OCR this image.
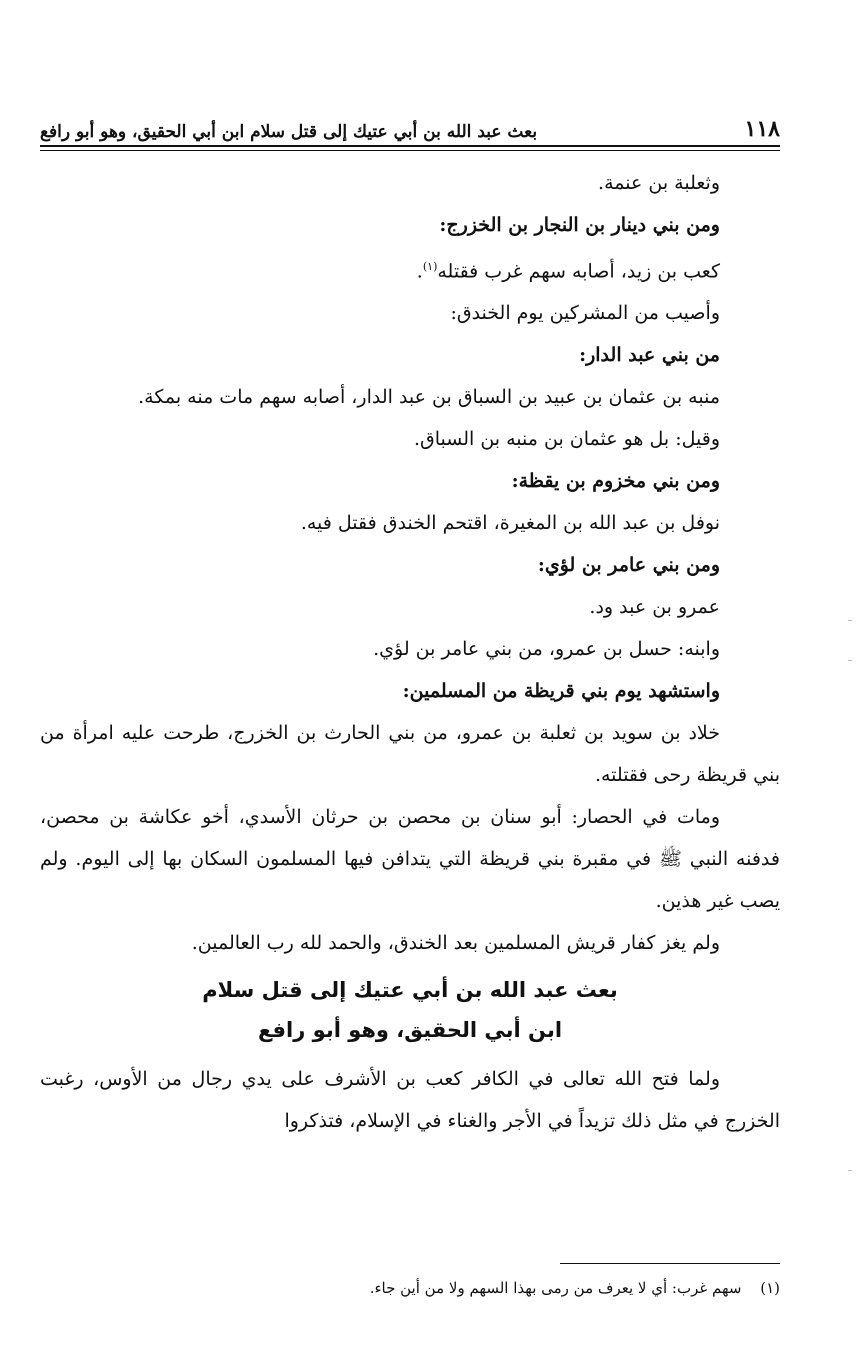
١١٨
بعث عبد الله بن أبي عتيك إلى قتل سلام ابن أبي الحقيق، وهو أبو رافع

وثعلبة بن عنمة.

ومن بني دينار بن النجار بن الخزرج:

كعب بن زيد، أصابه سهم غرب فقتله$^{(١)}$.

وأصيب من المشركين يوم الخندق:

من بني عبد الدار:

منبه بن عثمان بن عبيد بن السباق بن عبد الدار، أصابه سهم مات منه بمكة.

وقيل: بل هو عثمان بن منبه بن السباق.

ومن بني مخزوم بن يقظة:

نوفل بن عبد الله بن المغيرة، اقتحم الخندق فقتل فيه.

ومن بني عامر بن لؤي:

عمرو بن عبد ود.

وابنه: حسل بن عمرو، من بني عامر بن لؤي.

واستشهد يوم بني قريظة من المسلمين:

خلاد بن سويد بن ثعلبة بن عمرو، من بني الحارث بن الخزرج، طرحت عليه امرأة من بني قريظة رحى فقتلته.

ومات في الحصار: أبو سنان بن محصن بن حرثان الأسدي، أخو عكاشة بن محصن، فدفنه النبي ﷺ في مقبرة بني قريظة التي يتدافن فيها المسلمون السكان بها إلى اليوم. ولم يصب غير هذين.

ولم يغز كفار قريش المسلمين بعد الخندق، والحمد لله رب العالمين.

بعث عبد الله بن أبي عتيك إلى قتل سلام
ابن أبي الحقيق، وهو أبو رافع

ولما فتح الله تعالى في الكافر كعب بن الأشرف على يدي رجال من الأوس، رغبت الخزرج في مثل ذلك تزيداً في الأجر والغناء في الإسلام، فتذكروا

(١) سهم غرب: أي لا يعرف من رمى بهذا السهم ولا من أين جاء.
